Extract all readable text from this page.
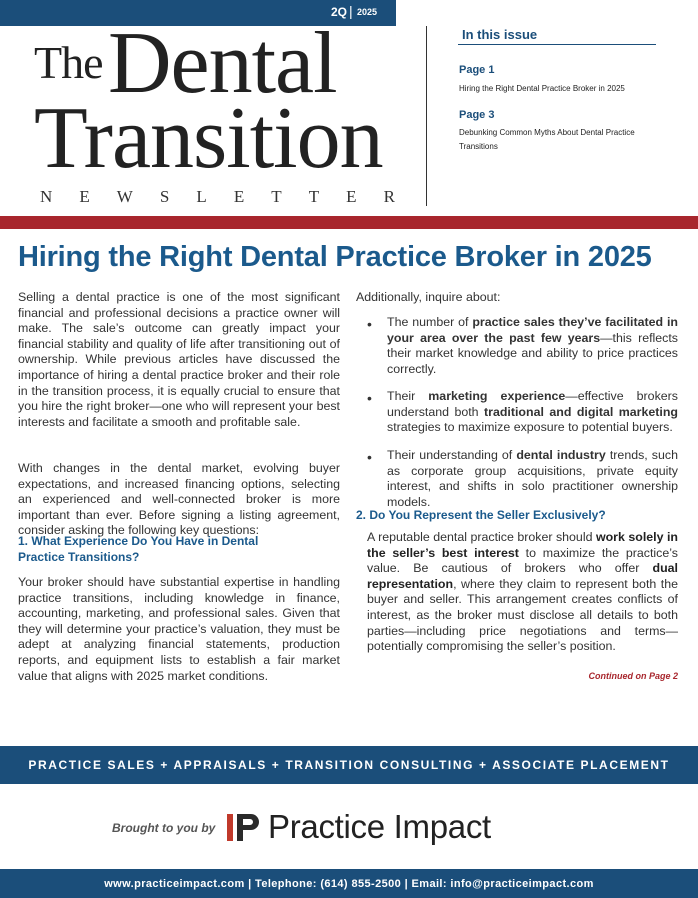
2Q | 2025
The Dental
Transition
N E W S L E T T E R
In this issue
Page 1
Hiring the Right Dental Practice Broker in 2025
Page 3
Debunking Common Myths About Dental Practice Transitions
Hiring the Right Dental Practice Broker in 2025

Selling a dental practice is one of the most significant financial and professional decisions a practice owner will make. The sale’s outcome can greatly impact your financial stability and quality of life after transitioning out of ownership. While previous articles have discussed the importance of hiring a dental practice broker and their role in the transition process, it is equally crucial to ensure that you hire the right broker—one who will represent your best interests and facilitate a smooth and profitable sale.

With changes in the dental market, evolving buyer expectations, and increased financing options, selecting an experienced and well-connected broker is more important than ever. Before signing a listing agreement, consider asking the following key questions:

1. What Experience Do You Have in Dental Practice Transitions?

Your broker should have substantial expertise in handling practice transitions, including knowledge in finance, accounting, marketing, and professional sales. Given that they will determine your practice’s valuation, they must be adept at analyzing financial statements, production reports, and equipment lists to establish a fair market value that aligns with 2025 market conditions.

Additionally, inquire about:
• The number of practice sales they’ve facilitated in your area over the past few years—this reflects their market knowledge and ability to price practices correctly.
• Their marketing experience—effective brokers understand both traditional and digital marketing strategies to maximize exposure to potential buyers.
• Their understanding of dental industry trends, such as corporate group acquisitions, private equity interest, and shifts in solo practitioner ownership models.
2. Do You Represent the Seller Exclusively?

A reputable dental practice broker should work solely in the seller’s best interest to maximize the practice’s value. Be cautious of brokers who offer dual representation, where they claim to represent both the buyer and seller. This arrangement creates conflicts of interest, as the broker must disclose all details to both parties—including price negotiations and terms—potentially compromising the seller’s position.

Continued on Page 2
PRACTICE SALES + APPRAISALS + TRANSITION CONSULTING + ASSOCIATE PLACEMENT
Brought to you by Practice Impact
www.practiceimpact.com | Telephone: (614) 855-2500 | Email: info@practiceimpact.com
